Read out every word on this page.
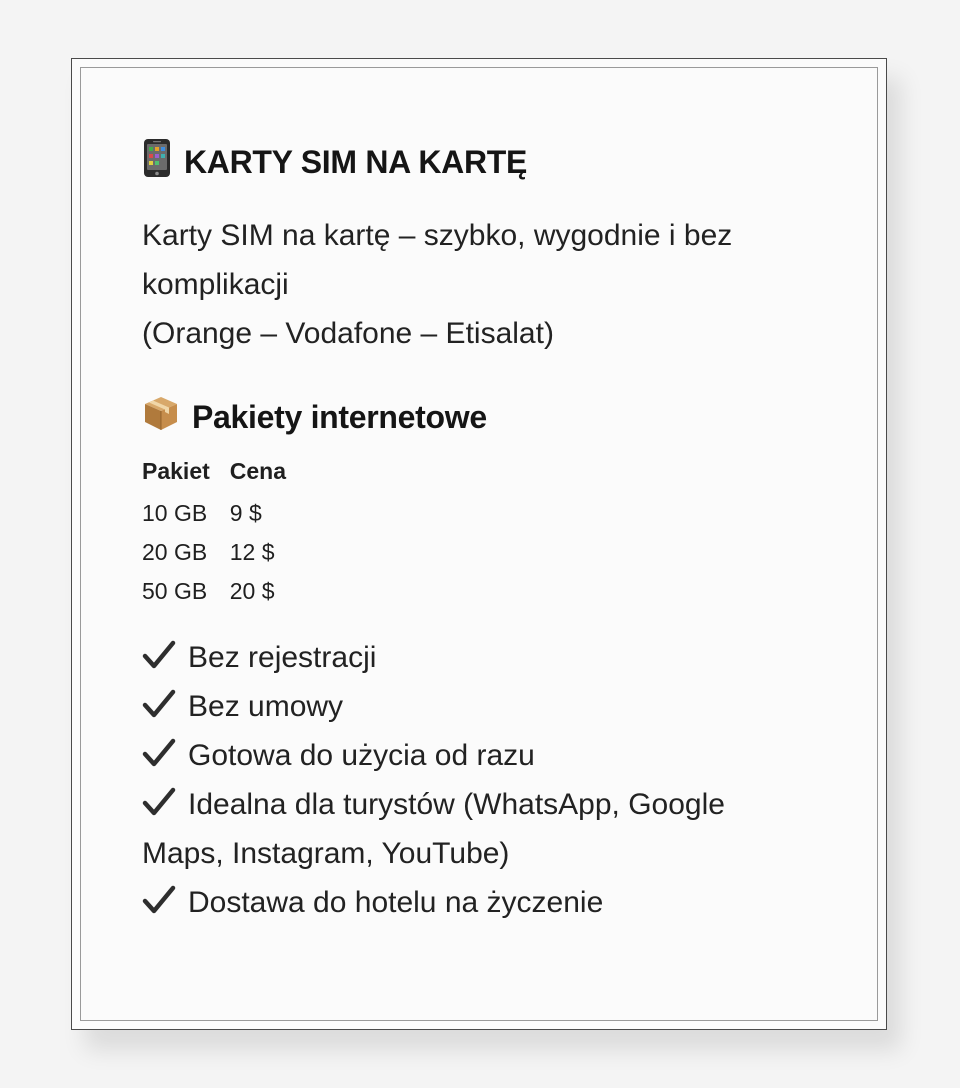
KARTY SIM NA KARTĘ
Karty SIM na kartę – szybko, wygodnie i bez
komplikacji
(Orange – Vodafone – Etisalat)
Pakiety internetowe
Pakiet	Cena
10 GB	9 $
20 GB	12 $
50 GB	20 $
Bez rejestracji
Bez umowy
Gotowa do użycia od razu
Idealna dla turystów (WhatsApp, Google
Maps, Instagram, YouTube)
Dostawa do hotelu na życzenie
